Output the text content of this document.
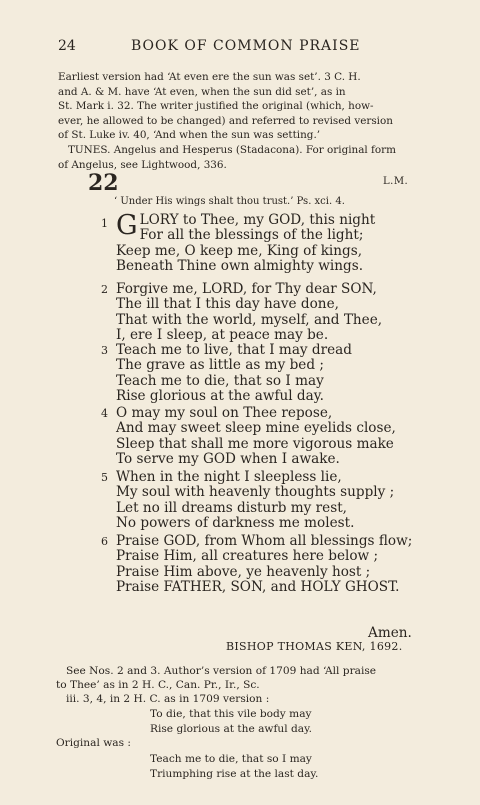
24	BOOK OF COMMON PRAISE
Earliest version had ‘At even ere the sun was set’. 3 C. H.
and A. & M. have ‘At even, when the sun did set’, as in
St. Mark i. 32. The writer justified the original (which, how-
ever, he allowed to be changed) and referred to revised version
of St. Luke iv. 40, ‘And when the sun was setting.’
TUNES. Angelus and Hesperus (Stadacona). For original form
of Angelus, see Lightwood, 336.
22	L.M.
‘ Under His wings shalt thou trust.’ Ps. xci. 4.
1 GLORY to Thee, my GOD, this night
For all the blessings of the light;
Keep me, O keep me, King of kings,
Beneath Thine own almighty wings.
2 Forgive me, LORD, for Thy dear SON,
The ill that I this day have done,
That with the world, myself, and Thee,
I, ere I sleep, at peace may be.
3 Teach me to live, that I may dread
The grave as little as my bed ;
Teach me to die, that so I may
Rise glorious at the awful day.
4 O may my soul on Thee repose,
And may sweet sleep mine eyelids close,
Sleep that shall me more vigorous make
To serve my GOD when I awake.
5 When in the night I sleepless lie,
My soul with heavenly thoughts supply ;
Let no ill dreams disturb my rest,
No powers of darkness me molest.
6 Praise GOD, from Whom all blessings flow;
Praise Him, all creatures here below ;
Praise Him above, ye heavenly host ;
Praise FATHER, SON, and HOLY GHOST.
Amen.
BISHOP THOMAS KEN, 1692.
See Nos. 2 and 3. Author’s version of 1709 had ‘All praise
to Thee’ as in 2 H. C., Can. Pr., Ir., Sc.
iii. 3, 4, in 2 H. C. as in 1709 version :
To die, that this vile body may
Rise glorious at the awful day.
Original was :
Teach me to die, that so I may
Triumphing rise at the last day.
